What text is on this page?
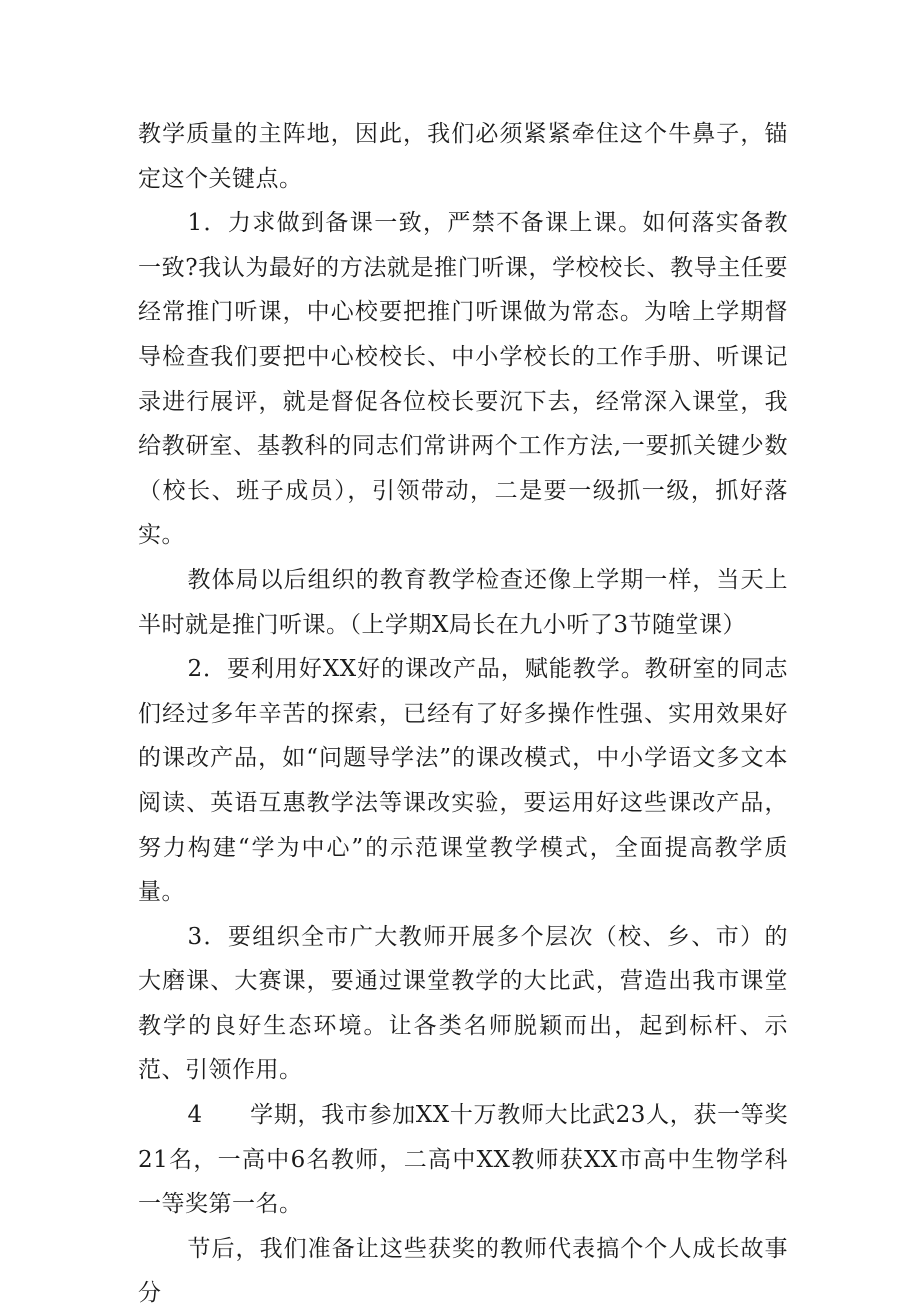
教学质量的主阵地，因此，我们必须紧紧牵住这个牛鼻子，锚定这个关键点。

1．力求做到备课一致，严禁不备课上课。如何落实备教一致?我认为最好的方法就是推门听课，学校校长、教导主任要经常推门听课，中心校要把推门听课做为常态。为啥上学期督导检查我们要把中心校校长、中小学校长的工作手册、听课记录进行展评，就是督促各位校长要沉下去，经常深入课堂，我给教研室、基教科的同志们常讲两个工作方法,一要抓关键少数（校长、班子成员），引领带动，二是要一级抓一级，抓好落实。

教体局以后组织的教育教学检查还像上学期一样，当天上半时就是推门听课。（上学期X局长在九小听了3节随堂课）

2．要利用好XX好的课改产品，赋能教学。教研室的同志们经过多年辛苦的探索，已经有了好多操作性强、实用效果好的课改产品，如“问题导学法”的课改模式，中小学语文多文本阅读、英语互惠教学法等课改实验，要运用好这些课改产品，努力构建“学为中心”的示范课堂教学模式，全面提高教学质量。

3．要组织全市广大教师开展多个层次（校、乡、市）的大磨课、大赛课，要通过课堂教学的大比武，营造出我市课堂教学的良好生态环境。让各类名师脱颖而出，起到标杆、示范、引领作用。

4　　学期，我市参加XX十万教师大比武23人，获一等奖21名，一高中6名教师，二高中XX教师获XX市高中生物学科一等奖第一名。

节后，我们准备让这些获奖的教师代表搞个个人成长故事分
